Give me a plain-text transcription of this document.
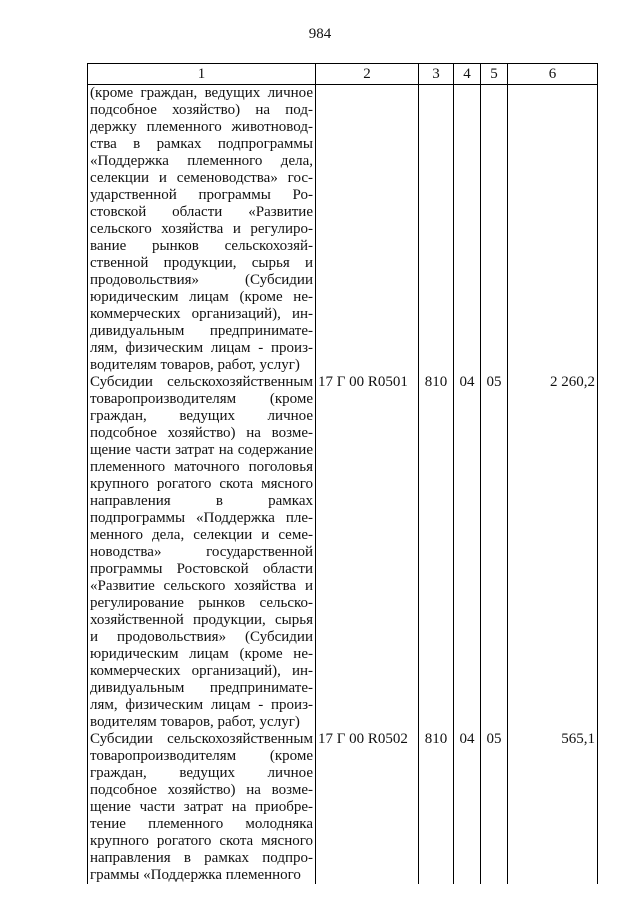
984
1	2	3	4	5	6
(кроме граждан, ведущих личное подсобное хозяйство) на поддержку племенного животноводства в рамках подпрограммы «Поддержка племенного дела, селекции и семеноводства» государственной программы Ростовской области «Развитие сельского хозяйства и регулирование рынков сельскохозяйственной продукции, сырья и продовольствия» (Субсидии юридическим лицам (кроме некоммерческих организаций), индивидуальным предпринимателям, физическим лицам - производителям товаров, работ, услуг)					
Субсидии сельскохозяйственным товаропроизводителям (кроме граждан, ведущих личное подсобное хозяйство) на возмещение части затрат на содержание племенного маточного поголовья крупного рогатого скота мясного направления в рамках подпрограммы «Поддержка племенного дела, селекции и семеноводства» государственной программы Ростовской области «Развитие сельского хозяйства и регулирование рынков сельскохозяйственной продукции, сырья и продовольствия» (Субсидии юридическим лицам (кроме некоммерческих организаций), индивидуальным предпринимателям, физическим лицам - производителям товаров, работ, услуг)	17 Г 00 R0501	810	04	05	2 260,2
Субсидии сельскохозяйственным товаропроизводителям (кроме граждан, ведущих личное подсобное хозяйство) на возмещение части затрат на приобретение племенного молодняка крупного рогатого скота мясного направления в рамках подпрограммы «Поддержка племенного	17 Г 00 R0502	810	04	05	565,1
